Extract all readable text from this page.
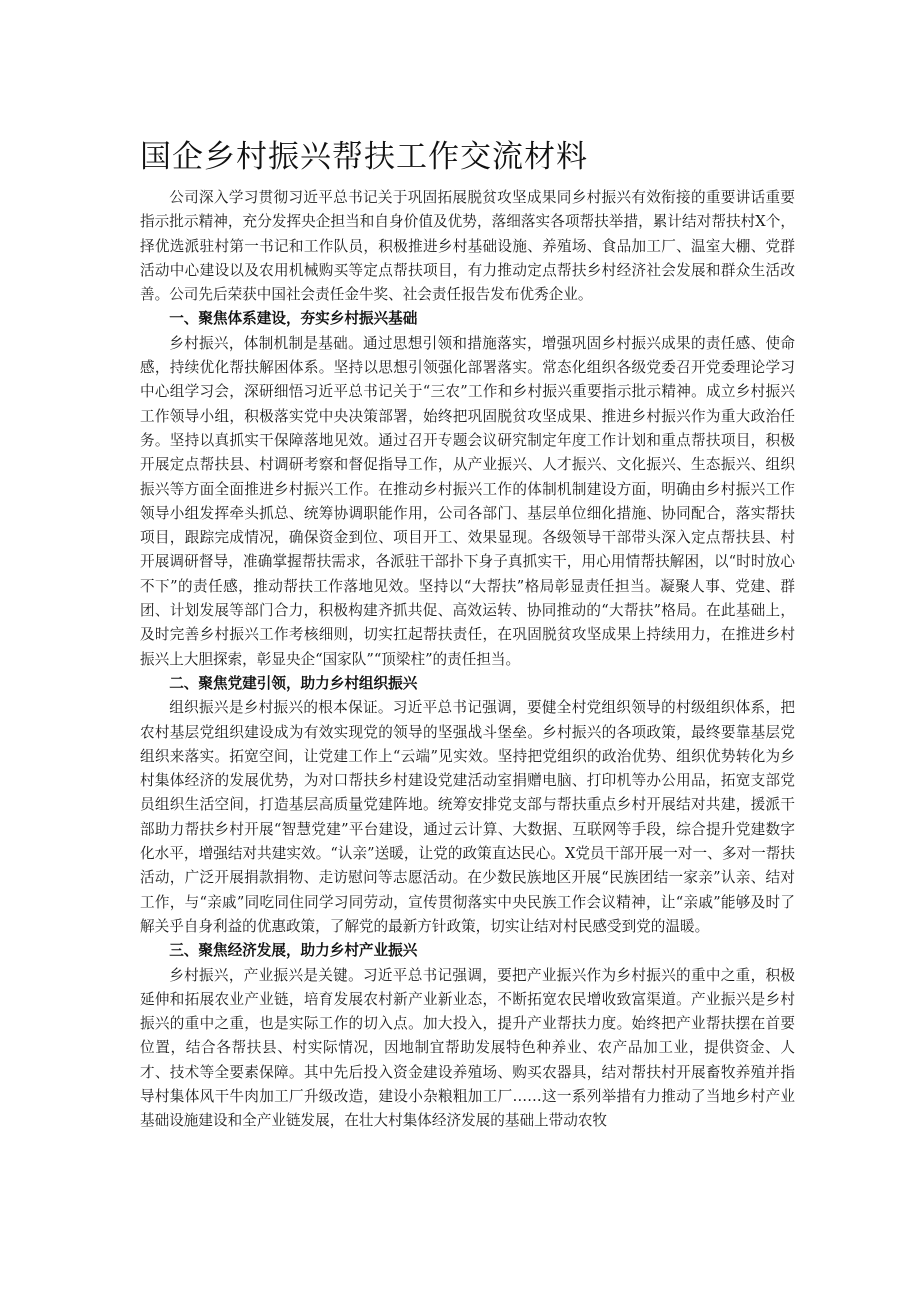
国企乡村振兴帮扶工作交流材料

公司深入学习贯彻习近平总书记关于巩固拓展脱贫攻坚成果同乡村振兴有效衔接的重要讲话重要指示批示精神，充分发挥央企担当和自身价值及优势，落细落实各项帮扶举措，累计结对帮扶村X个，择优选派驻村第一书记和工作队员，积极推进乡村基础设施、养殖场、食品加工厂、温室大棚、党群活动中心建设以及农用机械购买等定点帮扶项目，有力推动定点帮扶乡村经济社会发展和群众生活改善。公司先后荣获中国社会责任金牛奖、社会责任报告发布优秀企业。

一、聚焦体系建设，夯实乡村振兴基础

乡村振兴，体制机制是基础。通过思想引领和措施落实，增强巩固乡村振兴成果的责任感、使命感，持续优化帮扶解困体系。坚持以思想引领强化部署落实。常态化组织各级党委召开党委理论学习中心组学习会，深研细悟习近平总书记关于“三农”工作和乡村振兴重要指示批示精神。成立乡村振兴工作领导小组，积极落实党中央决策部署，始终把巩固脱贫攻坚成果、推进乡村振兴作为重大政治任务。坚持以真抓实干保障落地见效。通过召开专题会议研究制定年度工作计划和重点帮扶项目，积极开展定点帮扶县、村调研考察和督促指导工作，从产业振兴、人才振兴、文化振兴、生态振兴、组织振兴等方面全面推进乡村振兴工作。在推动乡村振兴工作的体制机制建设方面，明确由乡村振兴工作领导小组发挥牵头抓总、统筹协调职能作用，公司各部门、基层单位细化措施、协同配合，落实帮扶项目，跟踪完成情况，确保资金到位、项目开工、效果显现。各级领导干部带头深入定点帮扶县、村开展调研督导，准确掌握帮扶需求，各派驻干部扑下身子真抓实干，用心用情帮扶解困，以“时时放心不下”的责任感，推动帮扶工作落地见效。坚持以“大帮扶”格局彰显责任担当。凝聚人事、党建、群团、计划发展等部门合力，积极构建齐抓共促、高效运转、协同推动的“大帮扶”格局。在此基础上，及时完善乡村振兴工作考核细则，切实扛起帮扶责任，在巩固脱贫攻坚成果上持续用力，在推进乡村振兴上大胆探索，彰显央企“国家队”“顶梁柱”的责任担当。

二、聚焦党建引领，助力乡村组织振兴

组织振兴是乡村振兴的根本保证。习近平总书记强调，要健全村党组织领导的村级组织体系，把农村基层党组织建设成为有效实现党的领导的坚强战斗堡垒。乡村振兴的各项政策，最终要靠基层党组织来落实。拓宽空间，让党建工作上“云端”见实效。坚持把党组织的政治优势、组织优势转化为乡村集体经济的发展优势，为对口帮扶乡村建设党建活动室捐赠电脑、打印机等办公用品，拓宽支部党员组织生活空间，打造基层高质量党建阵地。统筹安排党支部与帮扶重点乡村开展结对共建，援派干部助力帮扶乡村开展“智慧党建”平台建设，通过云计算、大数据、互联网等手段，综合提升党建数字化水平，增强结对共建实效。“认亲”送暖，让党的政策直达民心。X党员干部开展一对一、多对一帮扶活动，广泛开展捐款捐物、走访慰问等志愿活动。在少数民族地区开展“民族团结一家亲”认亲、结对工作，与“亲戚”同吃同住同学习同劳动，宣传贯彻落实中央民族工作会议精神，让“亲戚”能够及时了解关乎自身利益的优惠政策，了解党的最新方针政策，切实让结对村民感受到党的温暖。

三、聚焦经济发展，助力乡村产业振兴

乡村振兴，产业振兴是关键。习近平总书记强调，要把产业振兴作为乡村振兴的重中之重，积极延伸和拓展农业产业链，培育发展农村新产业新业态，不断拓宽农民增收致富渠道。产业振兴是乡村振兴的重中之重，也是实际工作的切入点。加大投入，提升产业帮扶力度。始终把产业帮扶摆在首要位置，结合各帮扶县、村实际情况，因地制宜帮助发展特色种养业、农产品加工业，提供资金、人才、技术等全要素保障。其中先后投入资金建设养殖场、购买农器具，结对帮扶村开展畜牧养殖并指导村集体风干牛肉加工厂升级改造，建设小杂粮粗加工厂……这一系列举措有力推动了当地乡村产业基础设施建设和全产业链发展，在壮大村集体经济发展的基础上带动农牧
